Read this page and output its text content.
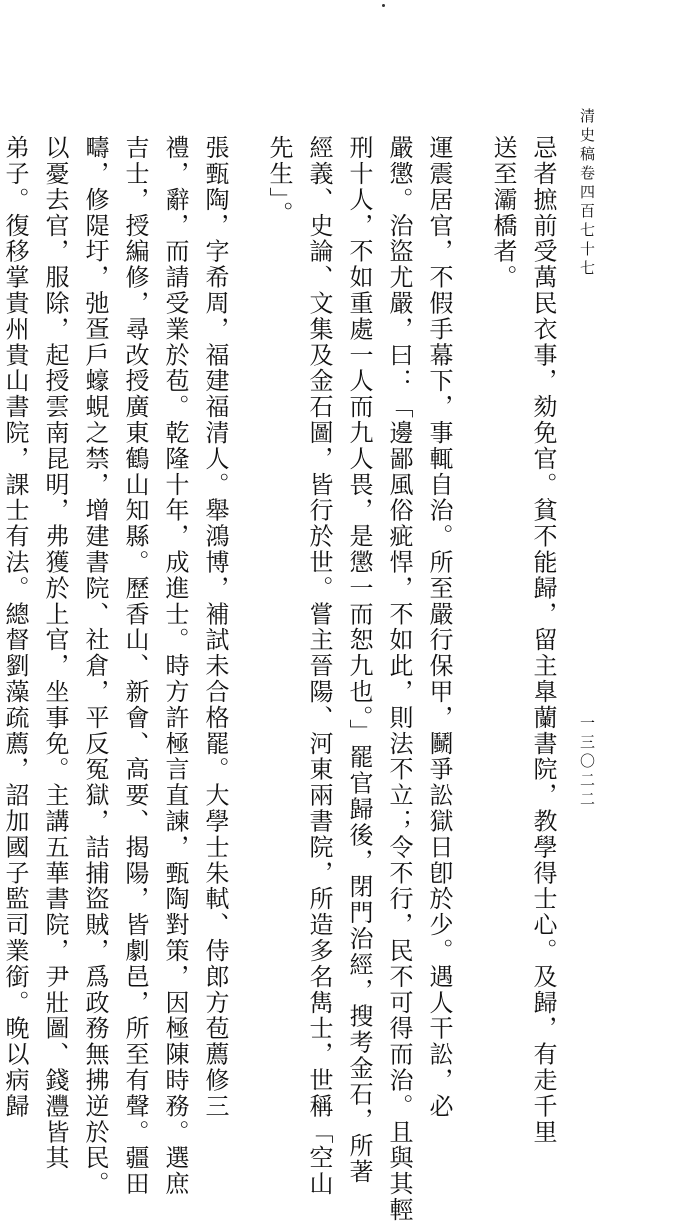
清史稿卷四百七十七
一三〇二二

忌者摭前受萬民衣事，劾免官。貧不能歸，留主臯蘭書院，教學得士心。及歸，有走千里

送至灞橋者。

運震居官，不假手幕下，事輒自治。所至嚴行保甲，鬭爭訟獄日卽於少。遇人干訟，必

嚴懲。治盜尤嚴，曰：「邊鄙風俗疵悍，不如此，則法不立；令不行，民不可得而治。且與其輕

刑十人，不如重處一人而九人畏，是懲一而恕九也。」罷官歸後，閉門治經，搜考金石，所著

經義、史論、文集及金石圖，皆行於世。嘗主晉陽、河東兩書院，所造多名雋士，世稱「空山

先生」。

張甄陶，字希周，福建福清人。舉鴻博，補試未合格罷。大學士朱軾、侍郎方苞薦修三

禮，辭，而請受業於苞。乾隆十年，成進士。時方許極言直諫，甄陶對策，因極陳時務。選庶

吉士，授編修，尋改授廣東鶴山知縣。歷香山、新會、高要、揭陽，皆劇邑，所至有聲。疆田

疇，修隄圩，弛疍戶蠔蜆之禁，增建書院、社倉，平反冤獄，詰捕盜賊，爲政務無拂逆於民。

以憂去官，服除，起授雲南昆明，弗獲於上官，坐事免。主講五華書院，尹壯圖、錢灃皆其

弟子。復移掌貴州貴山書院，課士有法。總督劉藻疏薦，詔加國子監司業銜。晚以病歸
